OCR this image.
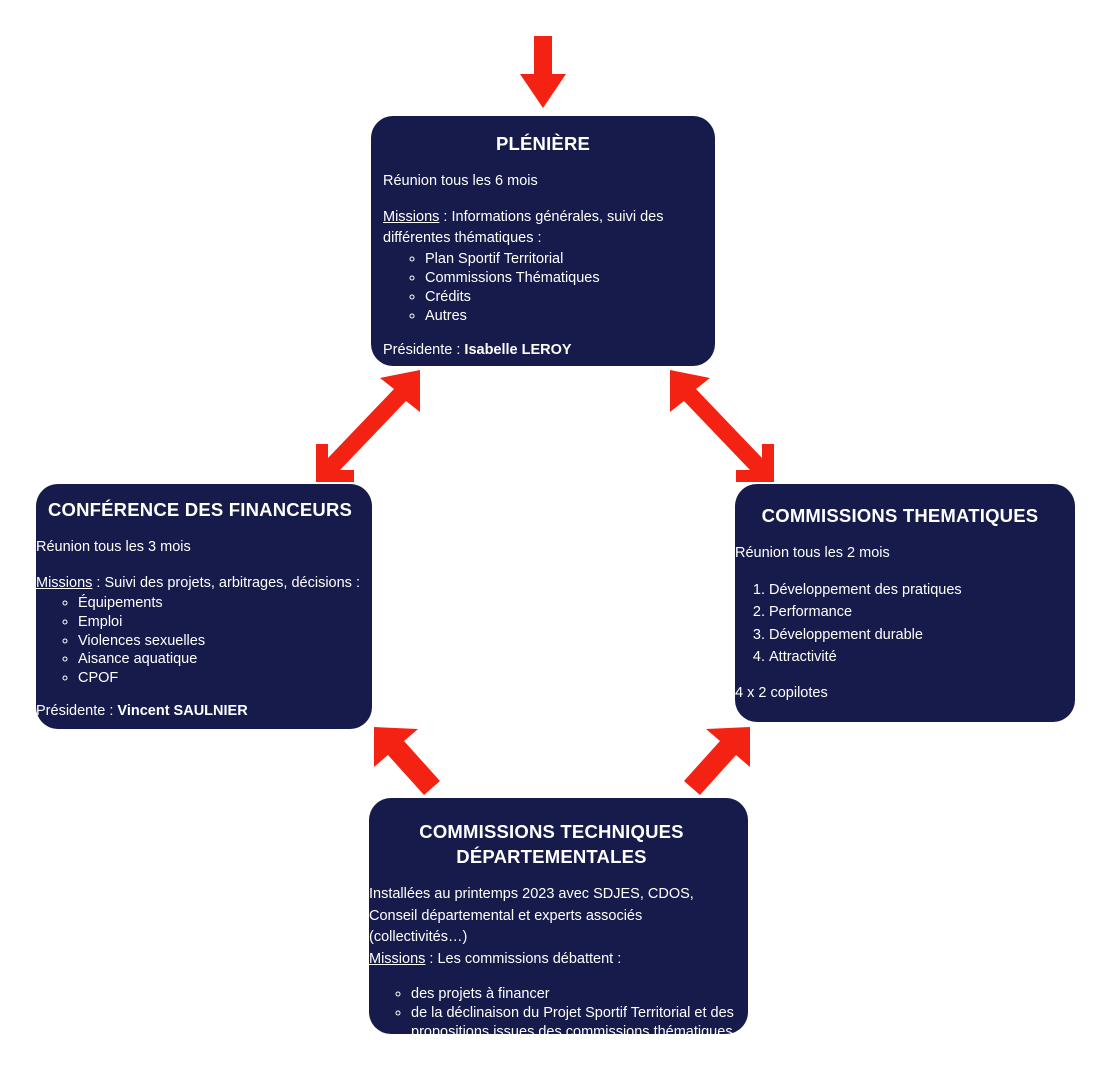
PLÉNIÈRE

Réunion tous les 6 mois

Missions : Informations générales, suivi des différentes thématiques :

◦ Plan Sportif Territorial
◦ Commissions Thématiques
◦ Crédits
◦ Autres

Présidente : Isabelle LEROY

CONFÉRENCE DES FINANCEURS

Réunion tous les 3 mois

Missions : Suivi des projets, arbitrages, décisions :

◦ Équipements
◦ Emploi
◦ Violences sexuelles
◦ Aisance aquatique
◦ CPOF

Présidente : Vincent SAULNIER

COMMISSIONS THEMATIQUES

Réunion tous les 2 mois

1. Développement des pratiques
2. Performance
3. Développement durable
4. Attractivité

4 x 2 copilotes

COMMISSIONS TECHNIQUES
DÉPARTEMENTALES

Installées au printemps 2023 avec SDJES, CDOS, Conseil départemental et experts associés (collectivités…)

Missions : Les commissions débattent :

◦ des projets à financer
◦ de la déclinaison du Projet Sportif Territorial et des propositions issues des commissions thématiques
